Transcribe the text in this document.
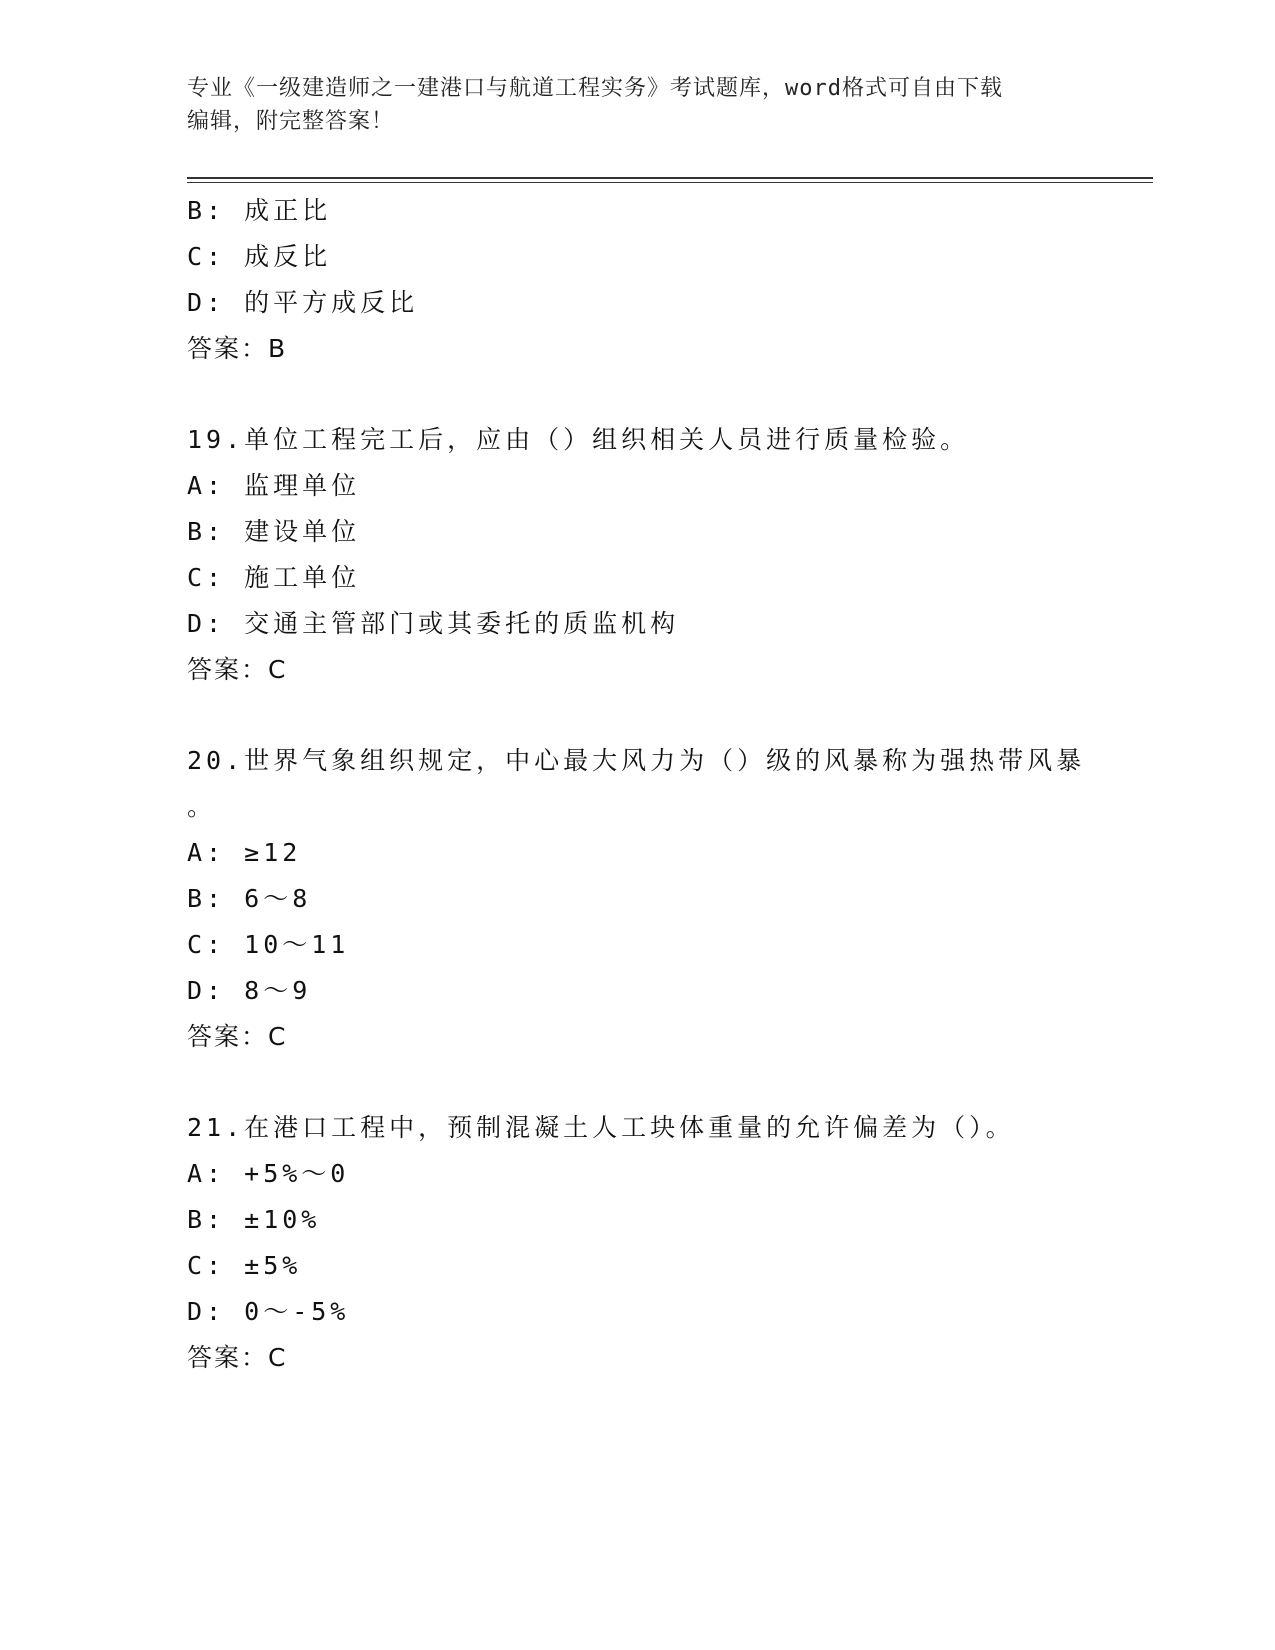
专业《一级建造师之一建港口与航道工程实务》考试题库，word格式可自由下载
编辑，附完整答案！
B: 成正比
C: 成反比
D: 的平方成反比
答案：B
19.单位工程完工后，应由（）组织相关人员进行质量检验。
A: 监理单位
B: 建设单位
C: 施工单位
D: 交通主管部门或其委托的质监机构
答案：C
20.世界气象组织规定，中心最大风力为（）级的风暴称为强热带风暴
。
A: ≥12
B: 6～8
C: 10～11
D: 8～9
答案：C
21.在港口工程中，预制混凝土人工块体重量的允许偏差为（）。
A: +5%～0
B: ±10%
C: ±5%
D: 0～-5%
答案：C
